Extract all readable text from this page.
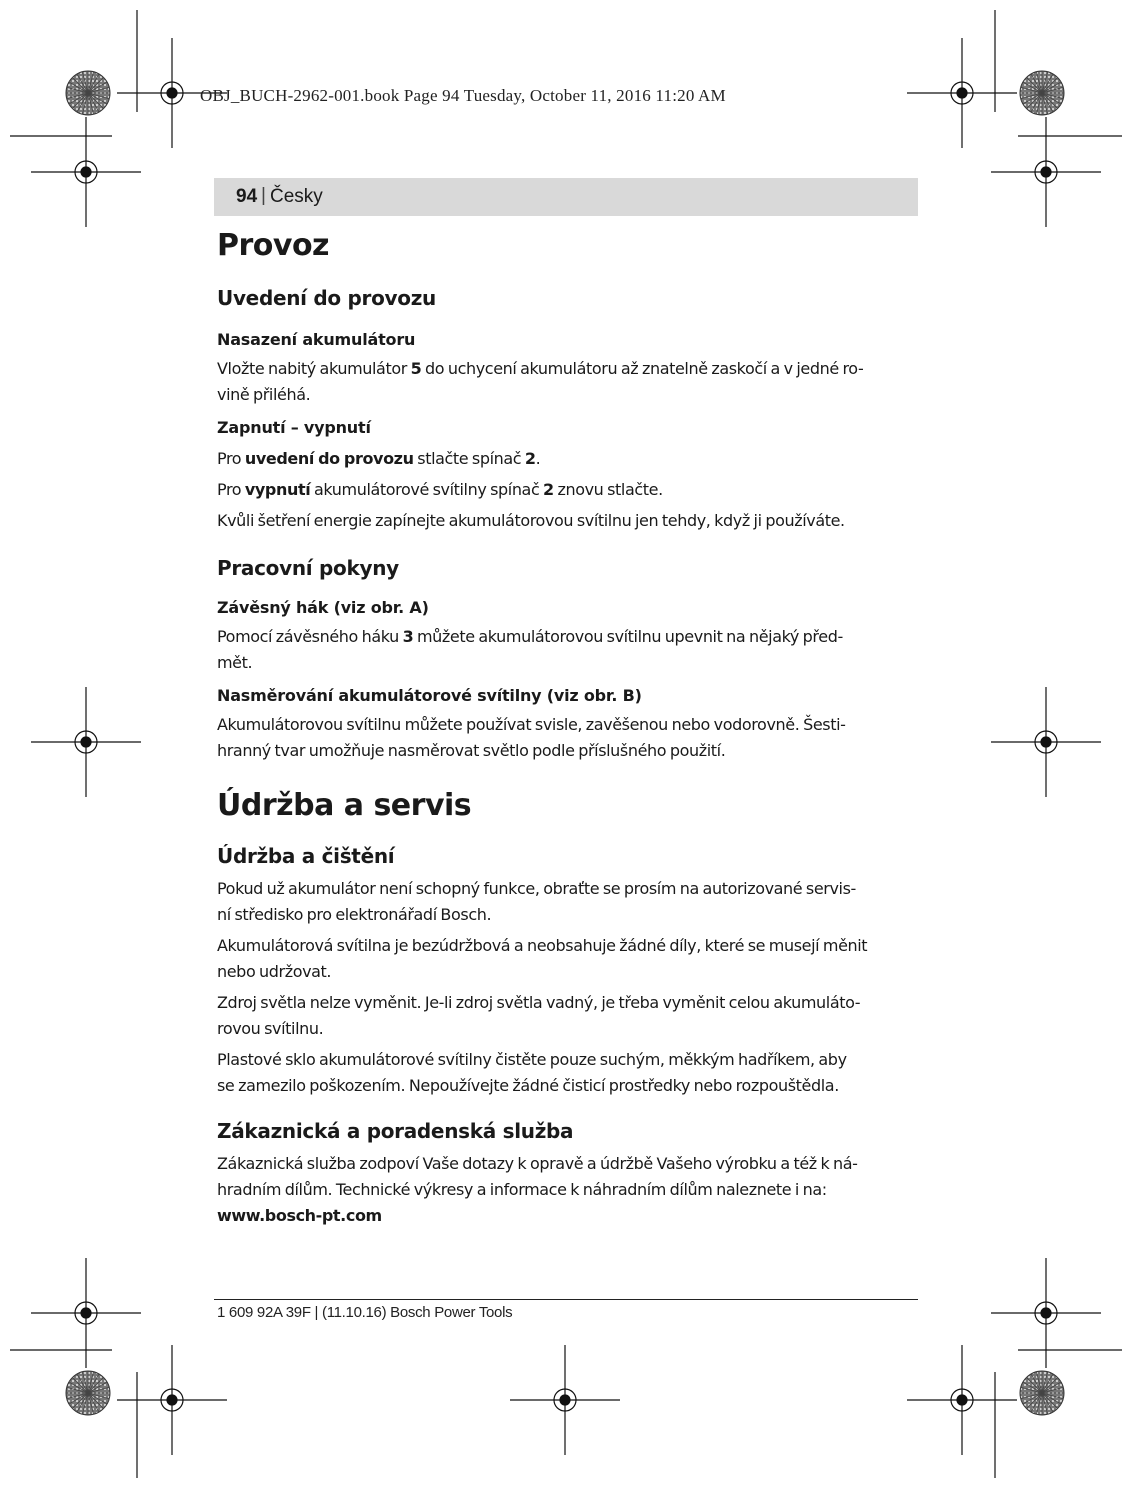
OBJ_BUCH-2962-001.book Page 94 Tuesday, October 11, 2016 11:20 AM
94 | Česky
Provoz
Uvedení do provozu
Nasazení akumulátoru

Vložte nabitý akumulátor 5 do uchycení akumulátoru až znatelně zaskočí a v jedné ro-
vině přiléhá.

Zapnutí – vypnutí

Pro uvedení do provozu stlačte spínač 2.

Pro vypnutí akumulátorové svítilny spínač 2 znovu stlačte.

Kvůli šetření energie zapínejte akumulátorovou svítilnu jen tehdy, když ji používáte.

Pracovní pokyny
Závěsný hák (viz obr. A)

Pomocí závěsného háku 3 můžete akumulátorovou svítilnu upevnit na nějaký před-
mět.

Nasměrování akumulátorové svítilny (viz obr. B)

Akumulátorovou svítilnu můžete používat svisle, zavěšenou nebo vodorovně. Šesti-
hranný tvar umožňuje nasměrovat světlo podle příslušného použití.

Údržba a servis
Údržba a čištění

Pokud už akumulátor není schopný funkce, obraťte se prosím na autorizované servis-
ní středisko pro elektronářadí Bosch.

Akumulátorová svítilna je bezúdržbová a neobsahuje žádné díly, které se musejí měnit
nebo udržovat.

Zdroj světla nelze vyměnit. Je-li zdroj světla vadný, je třeba vyměnit celou akumuláto-
rovou svítilnu.

Plastové sklo akumulátorové svítilny čistěte pouze suchým, měkkým hadříkem, aby
se zamezilo poškozením. Nepoužívejte žádné čisticí prostředky nebo rozpouštědla.

Zákaznická a poradenská služba

Zákaznická služba zodpoví Vaše dotazy k opravě a údržbě Vašeho výrobku a též k ná-
hradním dílům. Technické výkresy a informace k náhradním dílům naleznete i na:
www.bosch-pt.com

1 609 92A 39F | (11.10.16) Bosch Power Tools
